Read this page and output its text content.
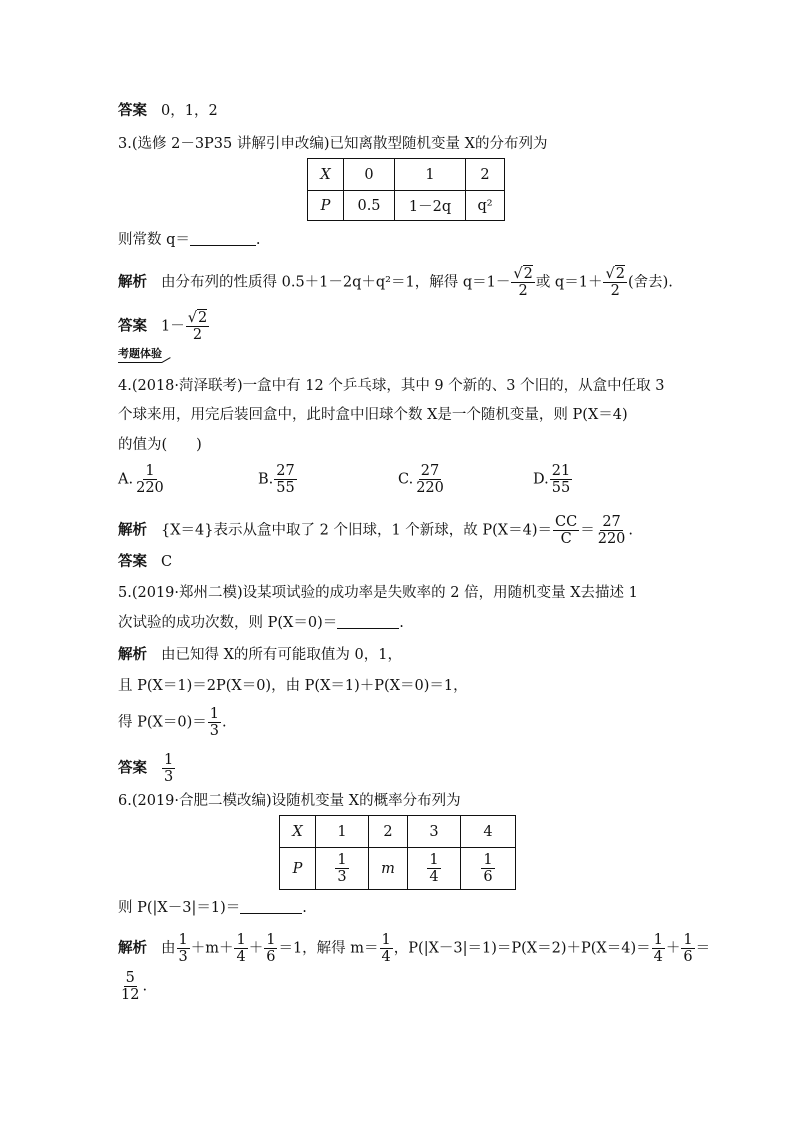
答案 0，1，2
3.(选修 2－3P35 讲解引申改编)已知离散型随机变量 X的分布列为
X	0	1	2
P	0.5	1－2q	q²
则常数 q＝	.
解析 由分布列的性质得 0.5＋1－2q＋q²＝1，解得 $q=1- \frac{√2}{2}$ 或 $q=1+ \frac{√2}{2}$ (舍去).
答案 $1- \frac{√2}{2}$
考题体验
4.(2018·菏泽联考)一盒中有 12 个乒乓球，其中 9 个新的、3 个旧的，从盒中任取 3
个球来用，用完后装回盒中，此时盒中旧球个数 X是一个随机变量，则 P(X＝4)
的值为(　　)
A. $\frac{1}{220}$	B. $\frac{27}{55}$	C. $\frac{27}{220}$	D. $\frac{21}{55}$
解析 {X＝4}表示从盒中取了 2 个旧球，1 个新球，故 $P(X=4)= \frac{CC}{C} = \frac{27}{220}$ .
答案 C
5.(2019·郑州二模)设某项试验的成功率是失败率的 2 倍，用随机变量 X去描述 1
次试验的成功次数，则 P(X＝0)＝	.
解析 由已知得 X的所有可能取值为 0，1，
且 P(X＝1)＝2P(X＝0)，由 P(X＝1)＋P(X＝0)＝1，
得 $P(X=0)= \frac{1}{3}$ .
答案 $\frac{1}{3}$
6.(2019·合肥二模改编)设随机变量 X的概率分布列为
X	1	2	3	4
P	$\frac{1}{3}$	m	$\frac{1}{4}$	$\frac{1}{6}$
则 P(|X－3|＝1)＝	.
解析 由 $\frac{1}{3} +m+ \frac{1}{4} + \frac{1}{6} =1$，解得 $m= \frac{1}{4}$ ，$P(|X-3|=1)=P(X=2)+P(X=4)= \frac{1}{4} + \frac{1}{6}$ ＝
$\frac{5}{12}$ .
